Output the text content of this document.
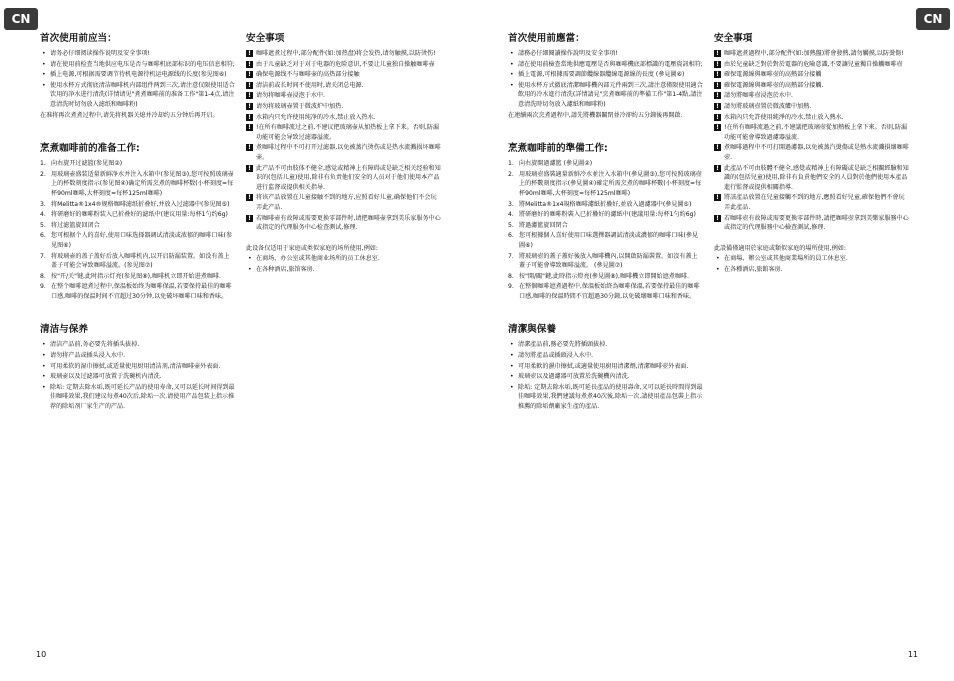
CN
首次使用前应当：
• 请务必仔细阅读操作说明及安全事项!
• 请在使用前检查当地供应电压是否与咖啡机底部标识的电压信息相符;
• 插上电源,可根据需要调节待机电源待机运电源线的长度(参见图⑥)
• 使用水杯方式彻底清洁咖啡机内部组件两到三次,请注意仅限使用适合饮用的净水进行清洗(详情请见"煮煮咖啡前的准备工作"第1-4点,请注意清洗时切勿放入滤纸和咖啡粉)

在准将再次煮煮过程中,请先将机器关熄并冷却约五分钟后再开启。

烹煮咖啡前的准备工作:
1. 向右旋开过滤篮(参见图②)
2. 用玻璃壶盛装适量新鲜净水并注入水箱中(参见图③),您可按照玻璃壶上的杯数刻度指示(参见图④)确定所需烹煮的咖啡杯数(小杯刻度=每杯90ml咖啡,大杯刻度=每杯125ml咖啡)
3. 将Melitta®1x4®规格咖啡滤纸折叠好,并放入过滤器中(参见图⑤)
4. 将研磨好的咖啡粉装入已折叠好的滤纸中(建议用量:每杯1勺约6g)
5. 将过滤篮旋回闭合
6. 您可根据个人的喜好,使用口味选择器调试清淡或浓郁的咖啡口味(参见图⑥)
7. 将玻璃壶的盖子盖好后放入咖啡机内,以开启防漏装置。如没有盖上盖子可能会导致咖啡溢流。(参见图⑦)
8. 按"开/关"键,此时指示灯亮(参见图⑧),咖啡机立即开始进煮咖啡.
9. 在整个咖啡遮煮过程中,保温板始终为咖啡保温,若要保持最佳的咖啡口感,咖啡的保温时间不宜超过30分钟,以免破坏咖啡口味和香味。
清洁与保养
• 清洁产品前,务必要先将插头拔掉.
• 请勿将产品或插头浸入水中.
• 可用柔软的湿巾擦拭,或适量使用厨用清洁剂,清洁咖啡壶外表面.
• 玻璃壶以及过滤器可放置于洗碗机内清洗.
• 除垢: 定期去除水垢,既可延长产品的使用寿命,又可以延长时间得到最佳咖啡效果,我们建议每煮40次后,除垢一次.请使用产品包装上指示推荐的除垢剂厂家生产的产品.
安全事项
! 咖啡遮煮过程中,部分配件(如:加热盘)将会发热,请勿触摸,以防烫伤!
! 由于儿童缺乏对于对于电器的危险意识,不要让儿童独自操触咖啡壶
! 确保电源线不与咖啡壶的高热部分接触
! 清洁前或长时间不使用时,请关闭总电源.
! 请勿将咖啡壶浸泡于水中.
! 请勿将玻璃壶置于微波炉中加热.
! 水箱内只允许使用纯净的冷水,禁止放入热水.
! !在所有咖啡流过之前,不建议把玻璃壶从加热板上拿下来。否则,防漏功能可能会导致过滤器溢流。
! 煮咖啡过程中不可打开过滤器,以免被蒸汽烫伤或是热水流溅损坏咖啡壶。
! 此产品不可由肢体不健全,感觉或精神上有障碍或是缺乏相关经验和知识的(包括儿童)使用,除非有负责他们安全的人员对于他们使用本产品进行监督或提供相关指导.
! 将该产品放置在儿童接触不到的地方,应照看好儿童,确保他们不会玩弄此产品.
! 若咖啡壶有故障或需要更换零部件时,请把咖啡壶拿到美乐家服务中心或指定的代理服务中心检查测试,修理.

此设备仅适用于家庭或类似家庭的场所使用,例如:

• 在商场、办公室或其他商业场所的员工休息室.
• 在各种酒店,旅馆客房.
10
CN
首次使用前應當：
• 請務必仔細閱讀操作說明及安全事項!
• 請在使用前檢查當地供應電壓是否與咖啡機底部標識的電壓資訊相符;
• 插上電源,可根據需要調節纜線器纜線電源線的長度 (參見圖⑥)
• 使用水杯方式徹底清潔咖啡機內部元件兩到三次,請注意僅限使用適合飲用的冷水進行清洗(詳情請見"烹煮咖啡前的準備工作"第1-4點,請注意清洗時切勿放入濾紙和咖啡粉)

在連續兩次烹煮過程中,請先將機器關閉並冷卻約五分鐘後再開啟.

烹煮咖啡前的準備工作:
1. 向右旋開過濾籃 (參見圖②)
2. 用玻璃壺盛裝適量新鮮冷水並注入水箱中(參見圖③),您可按照玻璃壺上的杯數刻度指示(參見圖④)確定所需烹煮的咖啡杯數(小杯刻度=每杯90ml咖啡,大杯刻度=每杯125ml咖啡)
3. 將Melitta®1x4規格咖啡濾紙折疊好,並放入過濾器中(參見圖⑤)
4. 將研磨好的咖啡粉裝入已折疊好的濾紙中(建議用量:每杯1勺約6g)
5. 將過濾籃旋回閉合
6. 您可根據個人喜好使用口味選擇器調試清淡或濃郁的咖啡口味(參見圖⑥)
7. 將玻璃壺的蓋子蓋好後放入咖啡機內,以開啟防漏裝置。如沒有蓋上蓋子可能會導致咖啡溢流。 (參見圖⑦)
8. 按"開/關"鍵,此時指示燈亮(參見圖⑧),咖啡機立即開始遮煮咖啡.
9. 在整個咖啡遮煮過程中,保溫板始終為咖啡保溫,若要保持最佳的咖啡口感,咖啡的保溫時間不宜超過30分鐘,以免破壞咖啡口味和香味。
清潔與保養
• 清潔產品前,務必要先將插頭拔掉.
• 請勿將產品或插頭浸入水中.
• 可用柔軟的濕巾擦拭,或適量使用廚用清潔劑,清潔咖啡壺外表面.
• 玻璃壺以及過濾器可放置於洗碗機內清洗.
• 除垢: 定期去除水垢,既可延長產品的使用壽命,又可以延長時間得到最佳咖啡效果,我們建議每煮煮40次後,除垢一次.請使用產品包裝上指示推薦的除垢劑廠家生產的產品.
安全事項
! 咖啡遮煮過程中,部分配件(如:加熱盤)將會發熱,請勿觸摸,以防燙傷!
! 由於兒童缺乏對於對於電器的危險意識,不要讓兒童獨自操觸咖啡壺
! 確保電源線與咖啡壺的高熱部分接觸
! 確保電源線與咖啡壺的高熱部分接觸.
! 請勿將咖啡壺浸泡於水中.
! 請勿將玻璃壺置於微波爐中加熱.
! 水箱內只允許使用純淨的冷水,禁止放入熱水.
! !在所有咖啡流過之前,不建議把玻璃壺從加熱板上拿下來。否則,防漏功能可能會導致過濾器溢流.
! 煮咖啡過程中不可打開過濾器,以免被蒸汽燙傷或是熱水流濺損壞咖啡壺.
! 此產品不可由肢體不健全,感覺或精神上有障礙或是缺乏相關經驗和知識的(包括兒童)使用,除非有負責他們安全的人員對於他們使用本產品進行監督或提供相關指導.
! 將該產品放置在兒童接觸不到的地方,應照看好兒童,確保他們不會玩弄此產品.
! 若咖啡壺有故障或需要更換零部件時,請把咖啡壺拿到美樂家服務中心或指定的代理服務中心檢查測試,修理.

此設備僅適用於家庭或類似家庭的場所使用,例如:

• 在商場、辦公室或其他商業場所的員工休息室.
• 在各種酒店,旅館客房.
11
